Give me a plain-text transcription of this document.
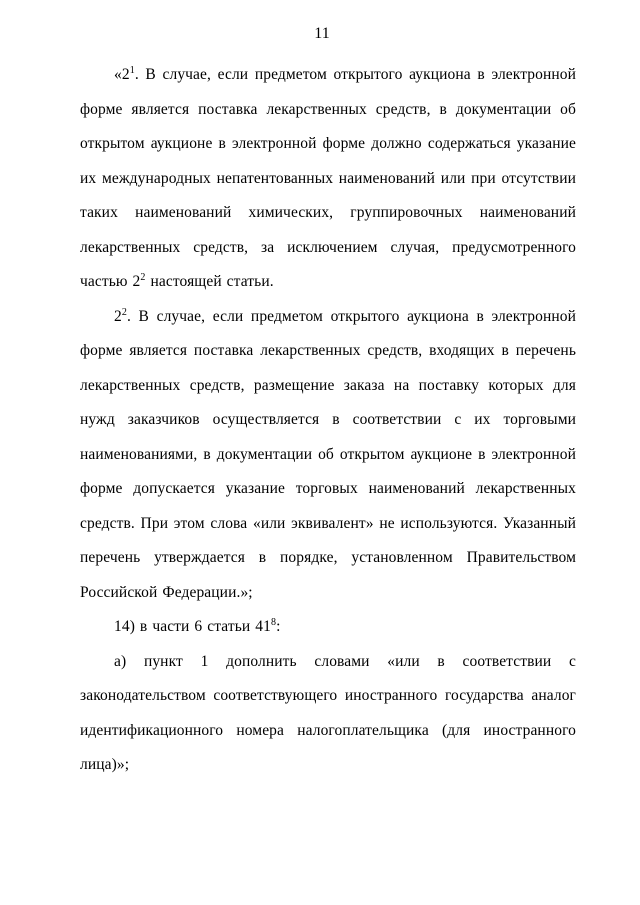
11

«$2^1$. В случае, если предметом открытого аукциона в электронной форме является поставка лекарственных средств, в документации об открытом аукционе в электронной форме должно содержаться указание их международных непатентованных наименований или при отсутствии таких наименований химических, группировочных наименований лекарственных средств, за исключением случая, предусмотренного частью $2^2$ настоящей статьи.

$2^2$. В случае, если предметом открытого аукциона в электронной форме является поставка лекарственных средств, входящих в перечень лекарственных средств, размещение заказа на поставку которых для нужд заказчиков осуществляется в соответствии с их торговыми наименованиями, в документации об открытом аукционе в электронной форме допускается указание торговых наименований лекарственных средств. При этом слова «или эквивалент» не используются. Указанный перечень утверждается в порядке, установленном Правительством Российской Федерации.»;

14) в части 6 статьи $41^8$:

а) пункт 1 дополнить словами «или в соответствии с законодательством соответствующего иностранного государства аналог идентификационного номера налогоплательщика (для иностранного лица)»;
